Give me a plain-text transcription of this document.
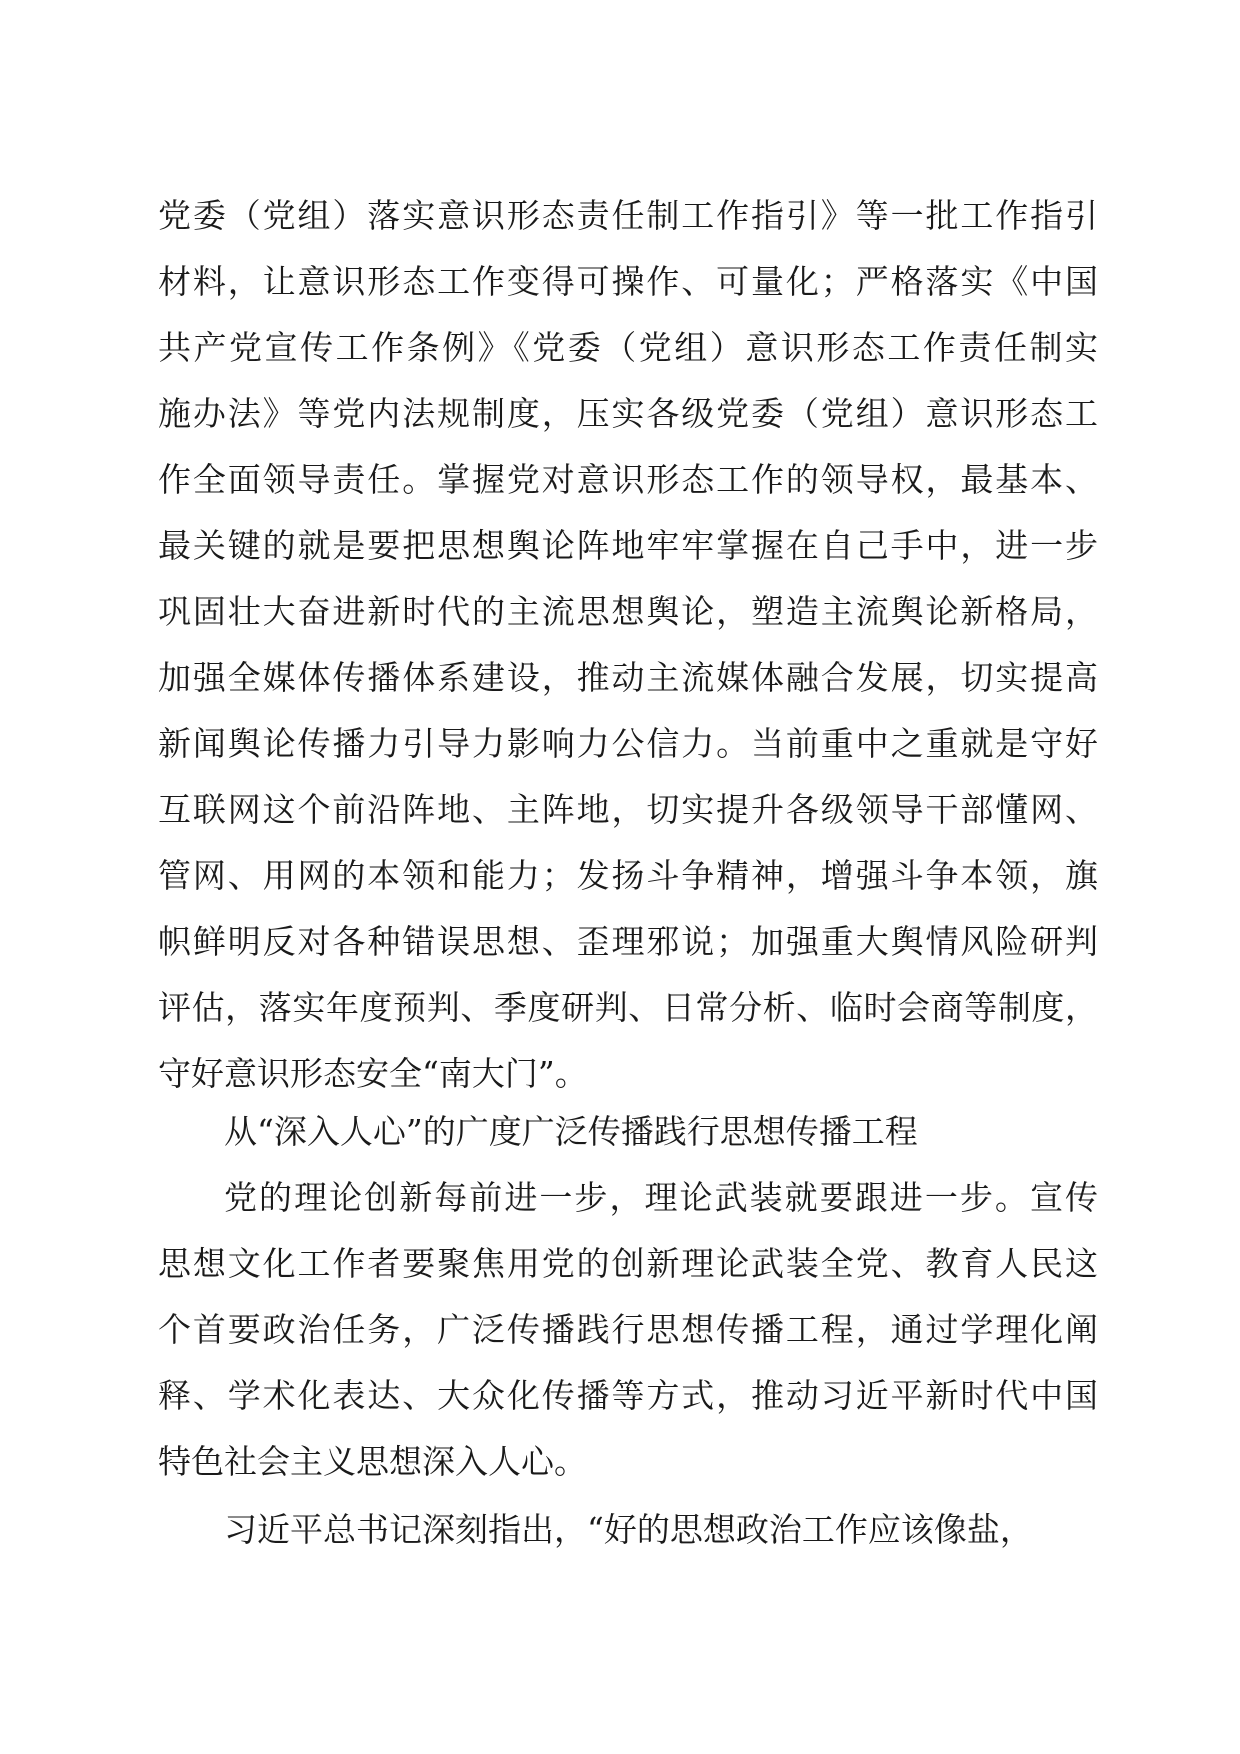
党委（党组）落实意识形态责任制工作指引》等一批工作指引
材料，让意识形态工作变得可操作、可量化；严格落实《中国
共产党宣传工作条例》《党委（党组）意识形态工作责任制实
施办法》等党内法规制度，压实各级党委（党组）意识形态工
作全面领导责任。掌握党对意识形态工作的领导权，最基本、
最关键的就是要把思想舆论阵地牢牢掌握在自己手中，进一步
巩固壮大奋进新时代的主流思想舆论，塑造主流舆论新格局，
加强全媒体传播体系建设，推动主流媒体融合发展，切实提高
新闻舆论传播力引导力影响力公信力。当前重中之重就是守好
互联网这个前沿阵地、主阵地，切实提升各级领导干部懂网、
管网、用网的本领和能力；发扬斗争精神，增强斗争本领，旗
帜鲜明反对各种错误思想、歪理邪说；加强重大舆情风险研判
评估，落实年度预判、季度研判、日常分析、临时会商等制度，
守好意识形态安全“南大门”。
从“深入人心”的广度广泛传播践行思想传播工程
党的理论创新每前进一步，理论武装就要跟进一步。宣传
思想文化工作者要聚焦用党的创新理论武装全党、教育人民这
个首要政治任务，广泛传播践行思想传播工程，通过学理化阐
释、学术化表达、大众化传播等方式，推动习近平新时代中国
特色社会主义思想深入人心。
习近平总书记深刻指出，“好的思想政治工作应该像盐，
